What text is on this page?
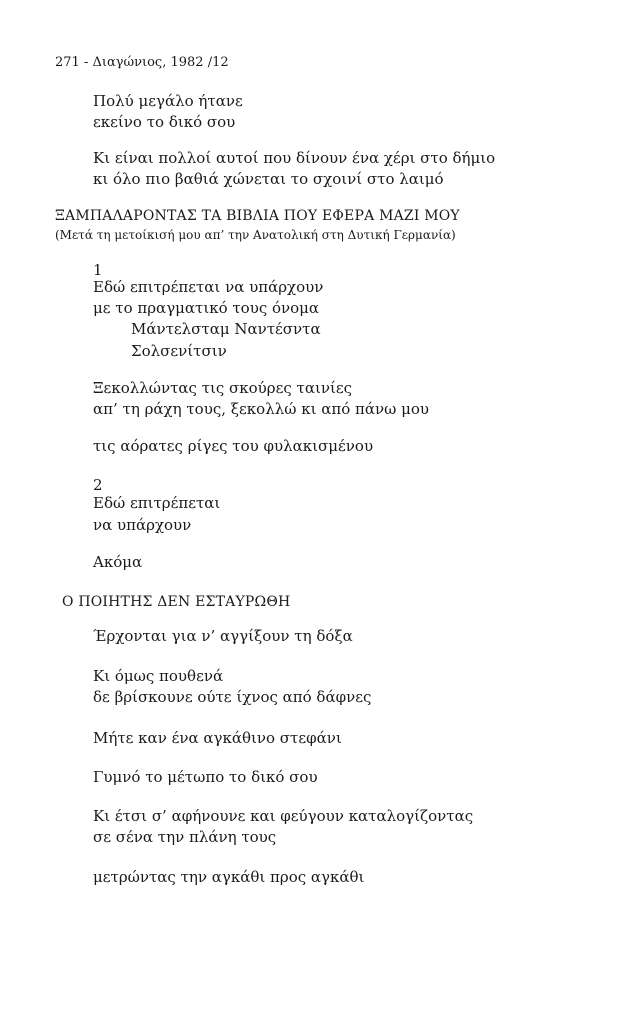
271 - Διαγώνιος, 1982 /12
Πολύ μεγάλο ήτανε
εκείνο το δικό σου
Κι είναι πολλοί αυτοί που δίνουν ένα χέρι στο δήμιο
κι όλο πιο βαθιά χώνεται το σχοινί στο λαιμό
ΞΑΜΠΑΛΑΡΟΝΤΑΣ ΤΑ ΒΙΒΛΙΑ ΠΟΥ ΕΦΕΡΑ ΜΑΖΙ ΜΟΥ
(Μετά τη μετοίκισή μου απ’ την Ανατολική στη Δυτική Γερμανία)
1
Εδώ επιτρέπεται να υπάρχουν
με το πραγματικό τους όνομα
Μάντελσταμ Ναντέσντα
Σολσενίτσιν
Ξεκολλώντας τις σκούρες ταινίες
απ’ τη ράχη τους, ξεκολλώ κι από πάνω μου
τις αόρατες ρίγες του φυλακισμένου
2
Εδώ επιτρέπεται
να υπάρχουν
Ακόμα
Ο ΠΟΙΗΤΗΣ ΔΕΝ ΕΣΤΑΥΡΩΘΗ
Έρχονται για ν’ αγγίξουν τη δόξα
Κι όμως πουθενά
δε βρίσκουνε ούτε ίχνος από δάφνες
Μήτε καν ένα αγκάθινο στεφάνι
Γυμνό το μέτωπο το δικό σου
Κι έτσι σ’ αφήνουνε και φεύγουν καταλογίζοντας
σε σένα την πλάνη τους
μετρώντας την αγκάθι προς αγκάθι
